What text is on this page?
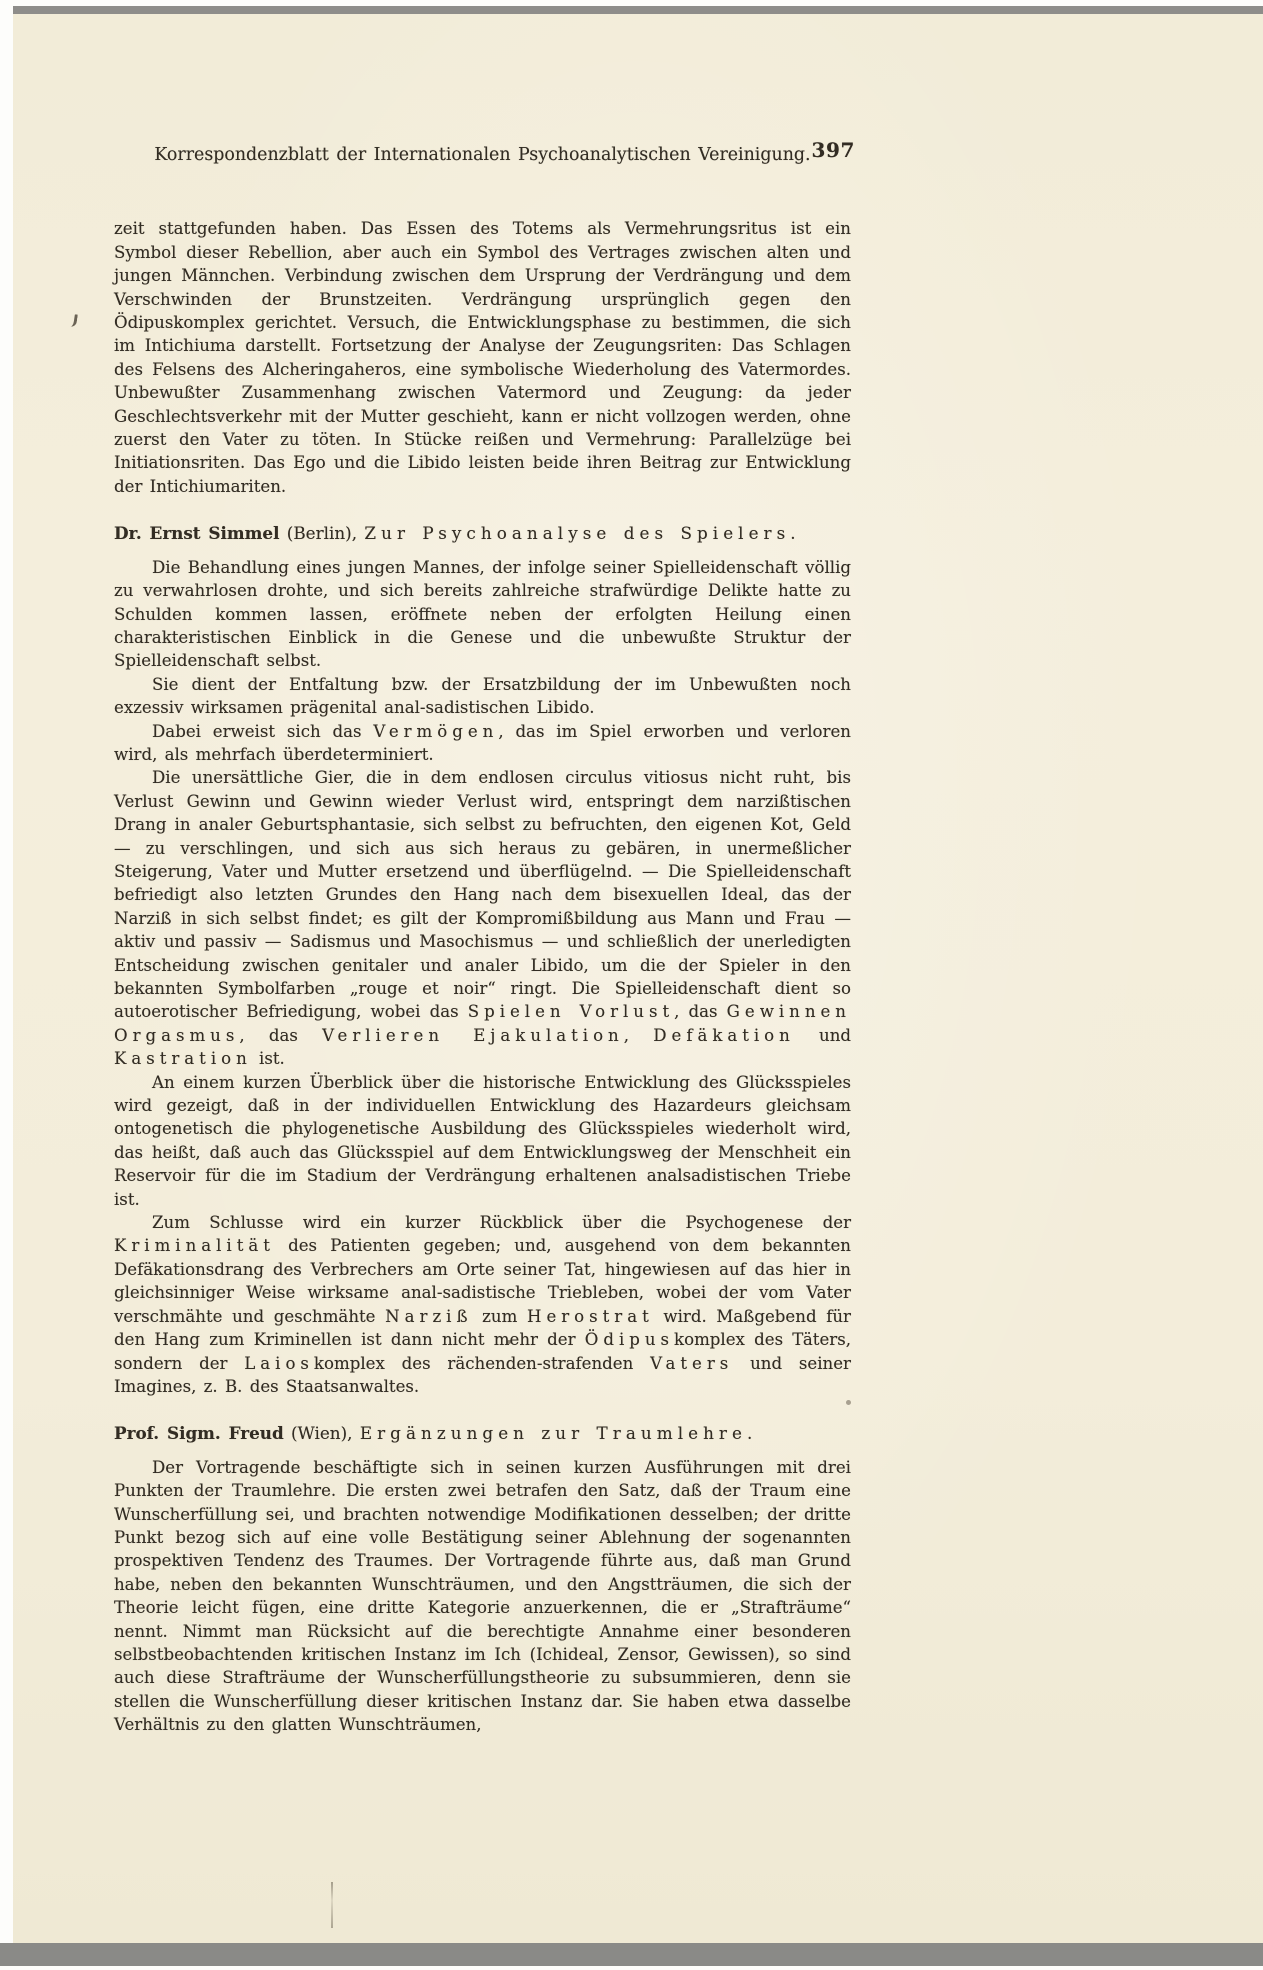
Korrespondenzblatt der Internationalen Psychoanalytischen Vereinigung. 397

zeit stattgefunden haben. Das Essen des Totems als Vermehrungsritus ist ein Symbol dieser Rebellion, aber auch ein Symbol des Vertrages zwischen alten und jungen Männchen. Verbindung zwischen dem Ursprung der Verdrängung und dem Verschwinden der Brunstzeiten. Verdrängung ursprünglich gegen den Ödipuskomplex gerichtet. Versuch, die Entwicklungsphase zu bestimmen, die sich im Intichiuma darstellt. Fortsetzung der Analyse der Zeugungsriten: Das Schlagen des Felsens des Alcheringaheros, eine symbolische Wiederholung des Vatermordes. Unbewußter Zusammenhang zwischen Vatermord und Zeugung: da jeder Geschlechtsverkehr mit der Mutter geschieht, kann er nicht vollzogen werden, ohne zuerst den Vater zu töten. In Stücke reißen und Vermehrung: Parallelzüge bei Initiationsriten. Das Ego und die Libido leisten beide ihren Beitrag zur Entwicklung der Intichiumariten.

Dr. Ernst Simmel (Berlin), Zur Psychoanalyse des Spielers.

Die Behandlung eines jungen Mannes, der infolge seiner Spielleidenschaft völlig zu verwahrlosen drohte, und sich bereits zahlreiche strafwürdige Delikte hatte zu Schulden kommen lassen, eröffnete neben der erfolgten Heilung einen charakteristischen Einblick in die Genese und die unbewußte Struktur der Spielleidenschaft selbst.

Sie dient der Entfaltung bzw. der Ersatzbildung der im Unbewußten noch exzessiv wirksamen prägenital anal-sadistischen Libido.

Dabei erweist sich das Vermögen, das im Spiel erworben und verloren wird, als mehrfach überdeterminiert.

Die unersättliche Gier, die in dem endlosen circulus vitiosus nicht ruht, bis Verlust Gewinn und Gewinn wieder Verlust wird, entspringt dem narzißtischen Drang in analer Geburtsphantasie, sich selbst zu befruchten, den eigenen Kot, Geld — zu verschlingen, und sich aus sich heraus zu gebären, in unermeßlicher Steigerung, Vater und Mutter ersetzend und überflügelnd. — Die Spielleidenschaft befriedigt also letzten Grundes den Hang nach dem bisexuellen Ideal, das der Narziß in sich selbst findet; es gilt der Kompromißbildung aus Mann und Frau — aktiv und passiv — Sadismus und Masochismus — und schließlich der unerledigten Entscheidung zwischen genitaler und analer Libido, um die der Spieler in den bekannten Symbolfarben „rouge et noir“ ringt. Die Spielleidenschaft dient so autoerotischer Befriedigung, wobei das Spielen Vorlust, das Gewinnen Orgasmus, das Verlieren Ejakulation, Defäkation und Kastration ist.

An einem kurzen Überblick über die historische Entwicklung des Glücksspieles wird gezeigt, daß in der individuellen Entwicklung des Hazardeurs gleichsam ontogenetisch die phylogenetische Ausbildung des Glücksspieles wiederholt wird, das heißt, daß auch das Glücksspiel auf dem Entwicklungsweg der Menschheit ein Reservoir für die im Stadium der Verdrängung erhaltenen analsadistischen Triebe ist.

Zum Schlusse wird ein kurzer Rückblick über die Psychogenese der Kriminalität des Patienten gegeben; und, ausgehend von dem bekannten Defäkationsdrang des Verbrechers am Orte seiner Tat, hingewiesen auf das hier in gleichsinniger Weise wirksame anal-sadistische Triebleben, wobei der vom Vater verschmähte und geschmähte Narziß zum Herostrat wird. Maßgebend für den Hang zum Kriminellen ist dann nicht mehr der Ödipuskomplex des Täters, sondern der Laioskomplex des rächenden-strafenden Vaters und seiner Imagines, z. B. des Staatsanwaltes.

Prof. Sigm. Freud (Wien), Ergänzungen zur Traumlehre.

Der Vortragende beschäftigte sich in seinen kurzen Ausführungen mit drei Punkten der Traumlehre. Die ersten zwei betrafen den Satz, daß der Traum eine Wunscherfüllung sei, und brachten notwendige Modifikationen desselben; der dritte Punkt bezog sich auf eine volle Bestätigung seiner Ablehnung der sogenannten prospektiven Tendenz des Traumes. Der Vortragende führte aus, daß man Grund habe, neben den bekannten Wunschträumen, und den Angstträumen, die sich der Theorie leicht fügen, eine dritte Kategorie anzuerkennen, die er „Strafträume“ nennt. Nimmt man Rücksicht auf die berechtigte Annahme einer besonderen selbstbeobachtenden kritischen Instanz im Ich (Ichideal, Zensor, Gewissen), so sind auch diese Strafträume der Wunscherfüllungstheorie zu subsummieren, denn sie stellen die Wunscherfüllung dieser kritischen Instanz dar. Sie haben etwa dasselbe Verhältnis zu den glatten Wunschträumen,
